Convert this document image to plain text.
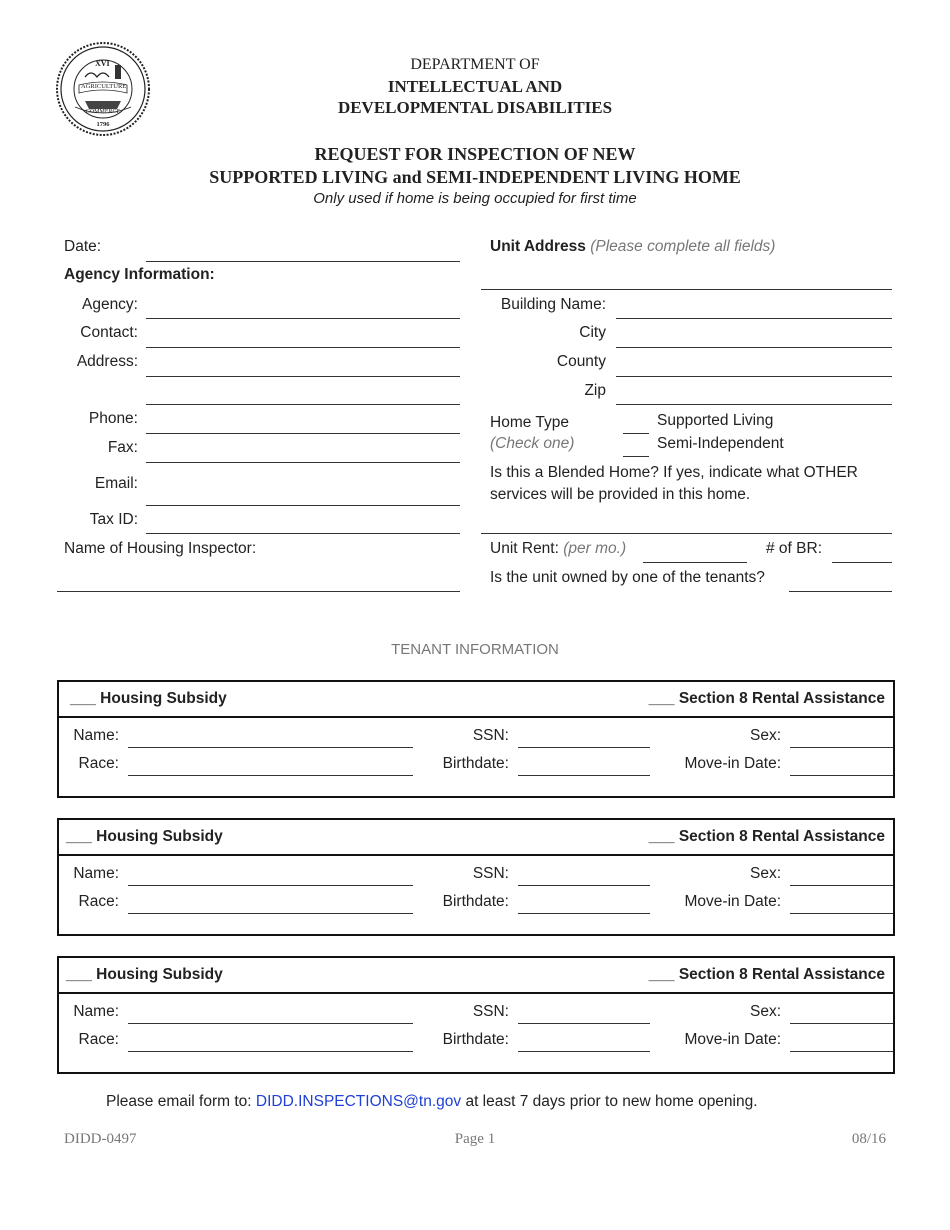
XVI
AGRICULTURE
COMMERCE
1796
DEPARTMENT OF
INTELLECTUAL AND
DEVELOPMENTAL DISABILITIES
REQUEST FOR INSPECTION OF NEW
SUPPORTED LIVING and SEMI-INDEPENDENT LIVING HOME
Only used if home is being occupied for first time
Date:
Agency Information:
Agency:
Contact:
Address:
Phone:
Fax:
Email:
Tax ID:
Name of Housing Inspector:
Unit Address (Please complete all fields)
Building Name:
City
County
Zip
Home Type
(Check one)
Supported Living
Semi-Independent
Is this a Blended Home? If yes, indicate what OTHER
services will be provided in this home.
Unit Rent: (per mo.)	# of BR:
Is the unit owned by one of the tenants?
TENANT INFORMATION
___ Housing Subsidy	___ Section 8 Rental Assistance
Name:	SSN:	Sex:
Race:	Birthdate:	Move-in Date:
___ Housing Subsidy	___ Section 8 Rental Assistance
Name:	SSN:	Sex:
Race:	Birthdate:	Move-in Date:
___ Housing Subsidy	___ Section 8 Rental Assistance
Name:	SSN:	Sex:
Race:	Birthdate:	Move-in Date:
Please email form to: DIDD.INSPECTIONS@tn.gov at least 7 days prior to new home opening.
DIDD-0497	Page 1	08/16
